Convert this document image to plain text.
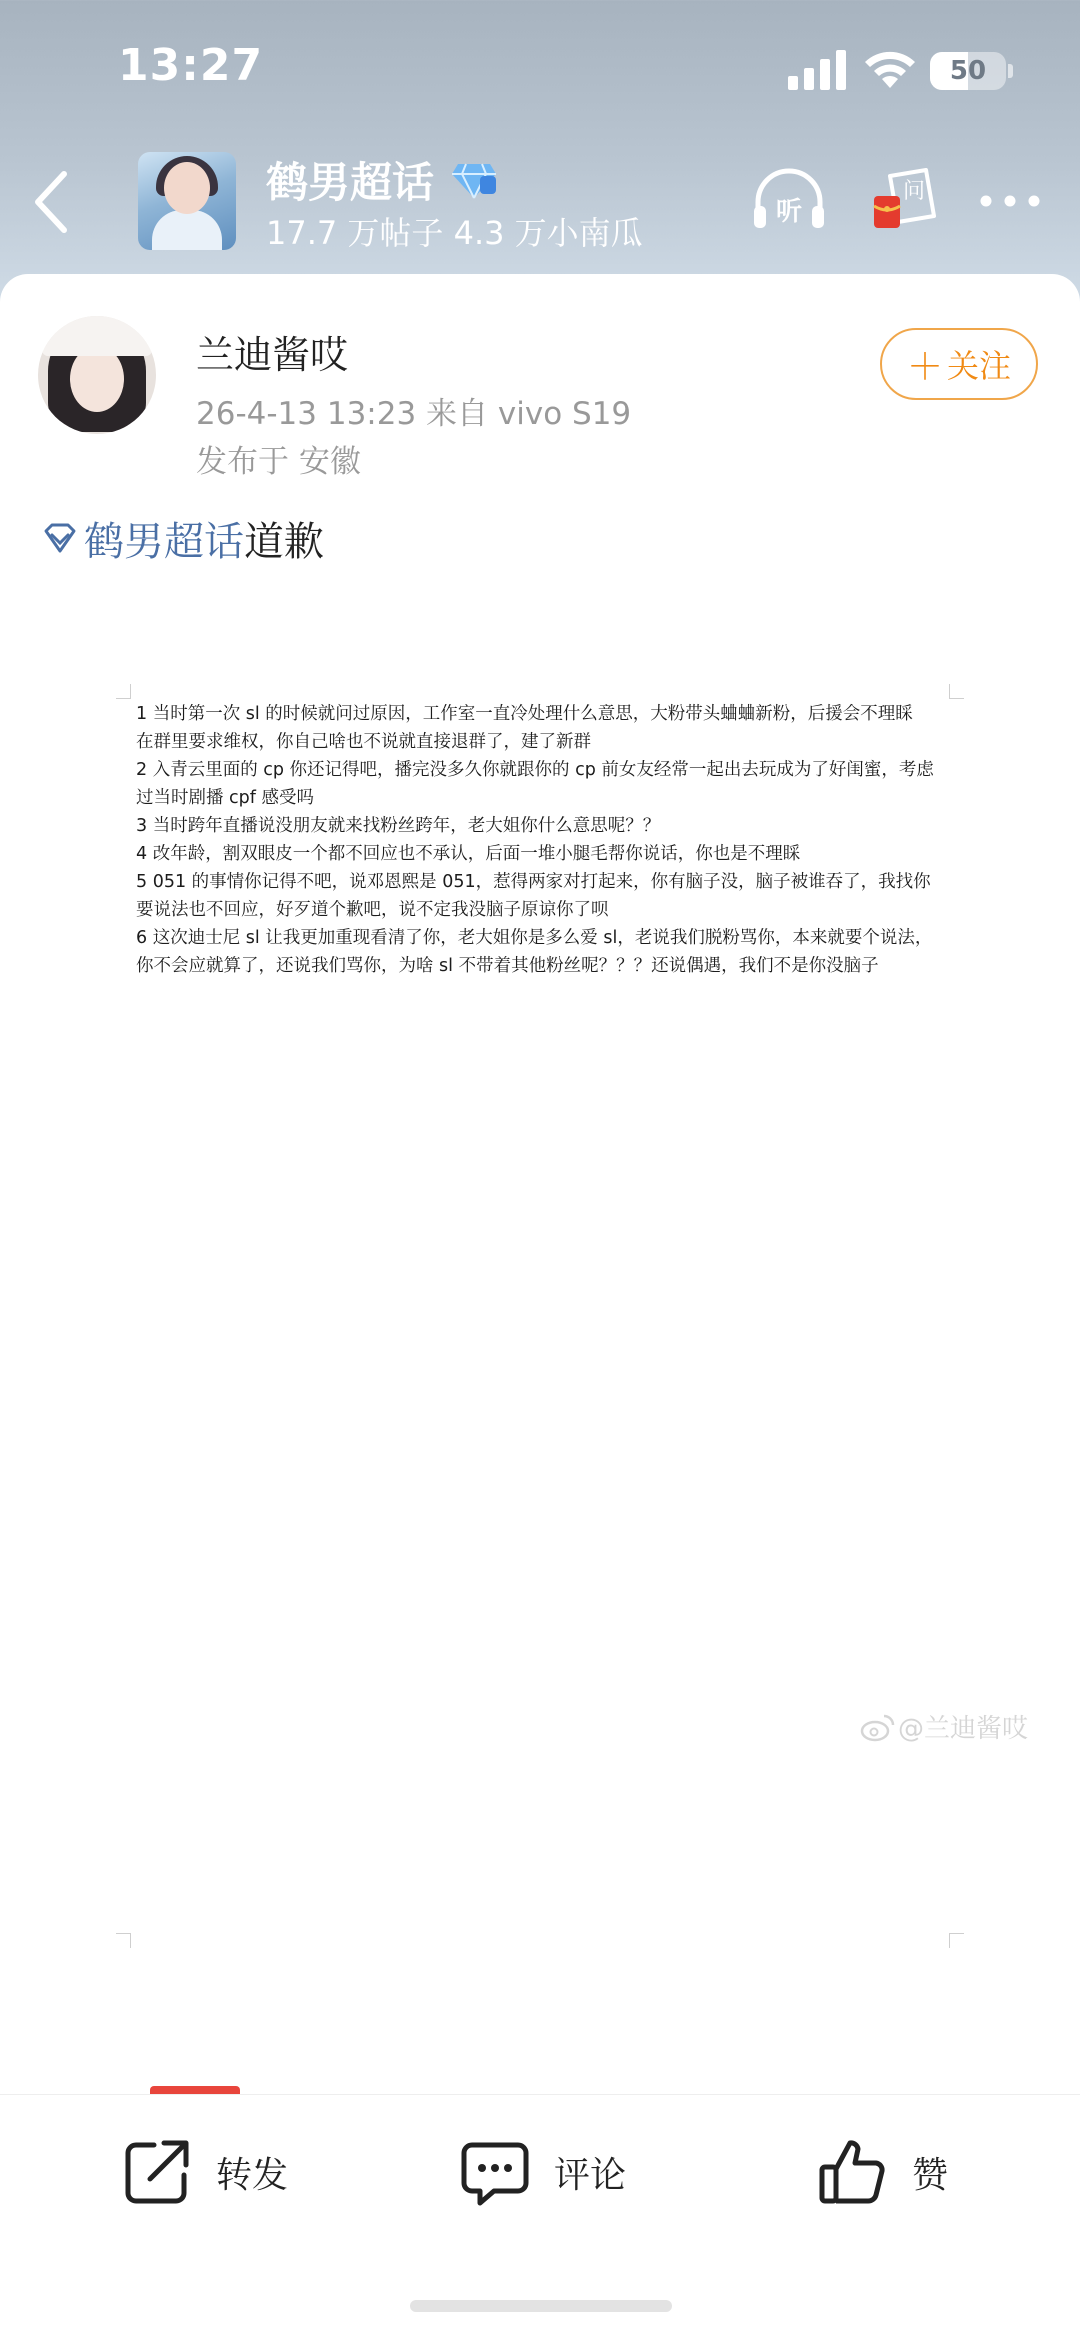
13:27	50
鹤男超话
17.7 万帖子 4.3 万小南瓜
听
问
兰迪酱哎
26-4-13 13:23 来自 vivo S19
发布于 安徽
＋ 关注
鹤男超话 道歉
1 当时第一次 sl 的时候就问过原因，工作室一直冷处理什么意思，大粉带头蛐蛐新粉，后援会不理睬
在群里要求维权，你自己啥也不说就直接退群了，建了新群
2 入青云里面的 cp 你还记得吧，播完没多久你就跟你的 cp 前女友经常一起出去玩成为了好闺蜜，考虑
过当时剧播 cpf 感受吗
3 当时跨年直播说没朋友就来找粉丝跨年，老大姐你什么意思呢？？
4 改年龄，割双眼皮一个都不回应也不承认，后面一堆小腿毛帮你说话，你也是不理睬
5 051 的事情你记得不吧，说邓恩熙是 051，惹得两家对打起来，你有脑子没，脑子被谁吞了，我找你
要说法也不回应，好歹道个歉吧，说不定我没脑子原谅你了呗
6 这次迪士尼 sl 让我更加重现看清了你，老大姐你是多么爱 sl，老说我们脱粉骂你，本来就要个说法，
你不会应就算了，还说我们骂你，为啥 sl 不带着其他粉丝呢？？？还说偶遇，我们不是你没脑子
@兰迪酱哎
转发	评论	赞
